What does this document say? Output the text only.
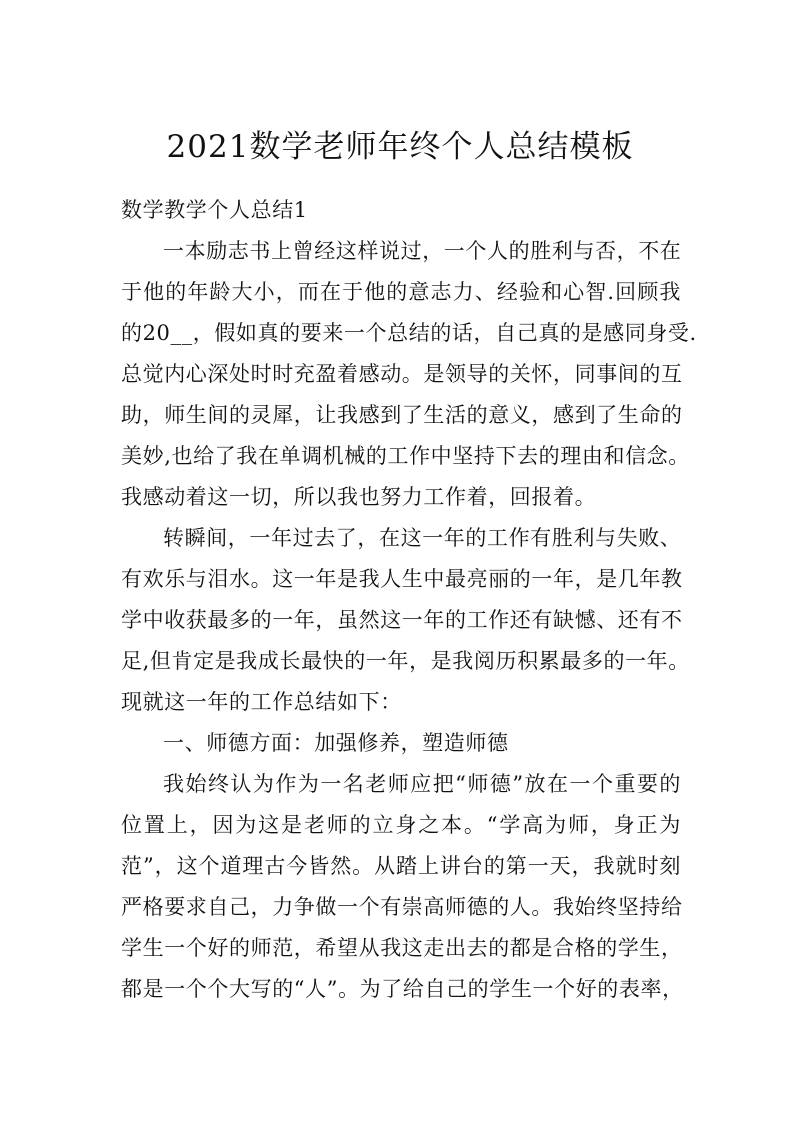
2021数学老师年终个人总结模板
数学教学个人总结1
一本励志书上曾经这样说过，一个人的胜利与否，不在
于他的年龄大小，而在于他的意志力、经验和心智.回顾我
的20__，假如真的要来一个总结的话，自己真的是感同身受.
总觉内心深处时时充盈着感动。是领导的关怀，同事间的互
助，师生间的灵犀，让我感到了生活的意义，感到了生命的
美妙,也给了我在单调机械的工作中坚持下去的理由和信念。
我感动着这一切，所以我也努力工作着，回报着。
转瞬间，一年过去了，在这一年的工作有胜利与失败、
有欢乐与泪水。这一年是我人生中最亮丽的一年，是几年教
学中收获最多的一年，虽然这一年的工作还有缺憾、还有不
足,但肯定是我成长最快的一年，是我阅历积累最多的一年。
现就这一年的工作总结如下：
一、师德方面：加强修养，塑造师德
我始终认为作为一名老师应把“师德”放在一个重要的
位置上，因为这是老师的立身之本。“学高为师，身正为
范”，这个道理古今皆然。从踏上讲台的第一天，我就时刻
严格要求自己，力争做一个有崇高师德的人。我始终坚持给
学生一个好的师范，希望从我这走出去的都是合格的学生，
都是一个个大写的“人”。为了给自己的学生一个好的表率，
